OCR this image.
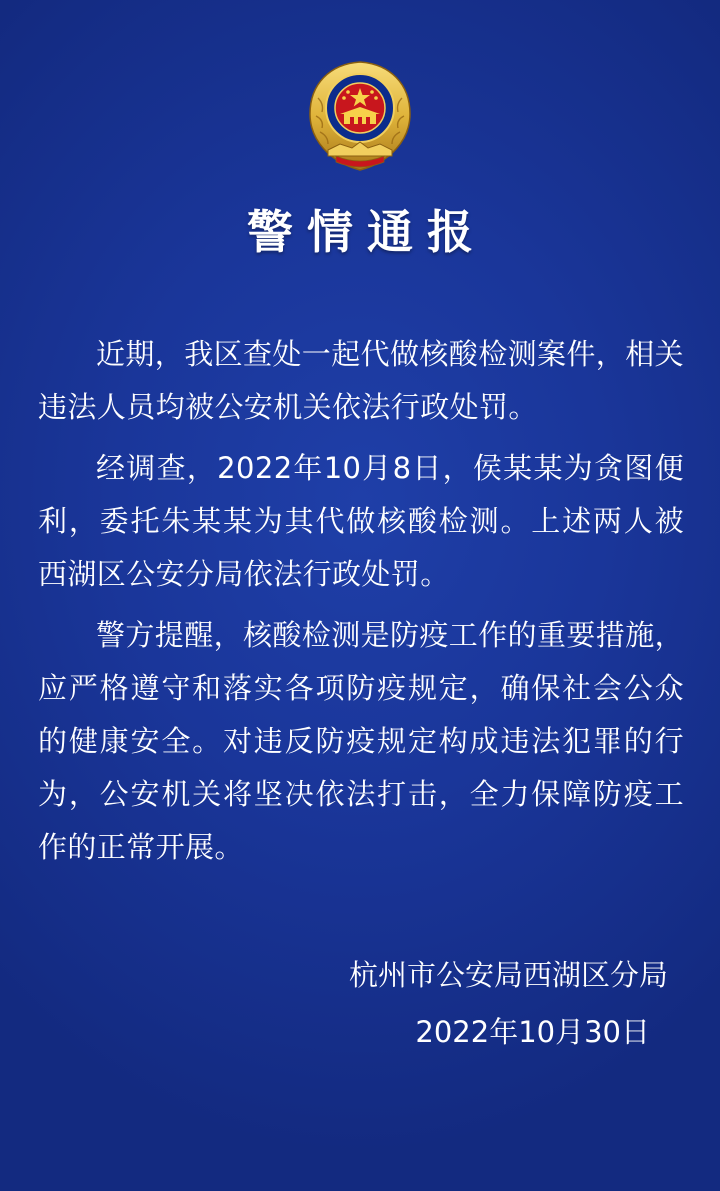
警情通报

近期，我区查处一起代做核酸检测案件，相关违法人员均被公安机关依法行政处罚。

经调查，2022年10月8日，侯某某为贪图便利，委托朱某某为其代做核酸检测。上述两人被西湖区公安分局依法行政处罚。

警方提醒，核酸检测是防疫工作的重要措施，应严格遵守和落实各项防疫规定，确保社会公众的健康安全。对违反防疫规定构成违法犯罪的行为，公安机关将坚决依法打击，全力保障防疫工作的正常开展。

杭州市公安局西湖区分局

2022年10月30日
